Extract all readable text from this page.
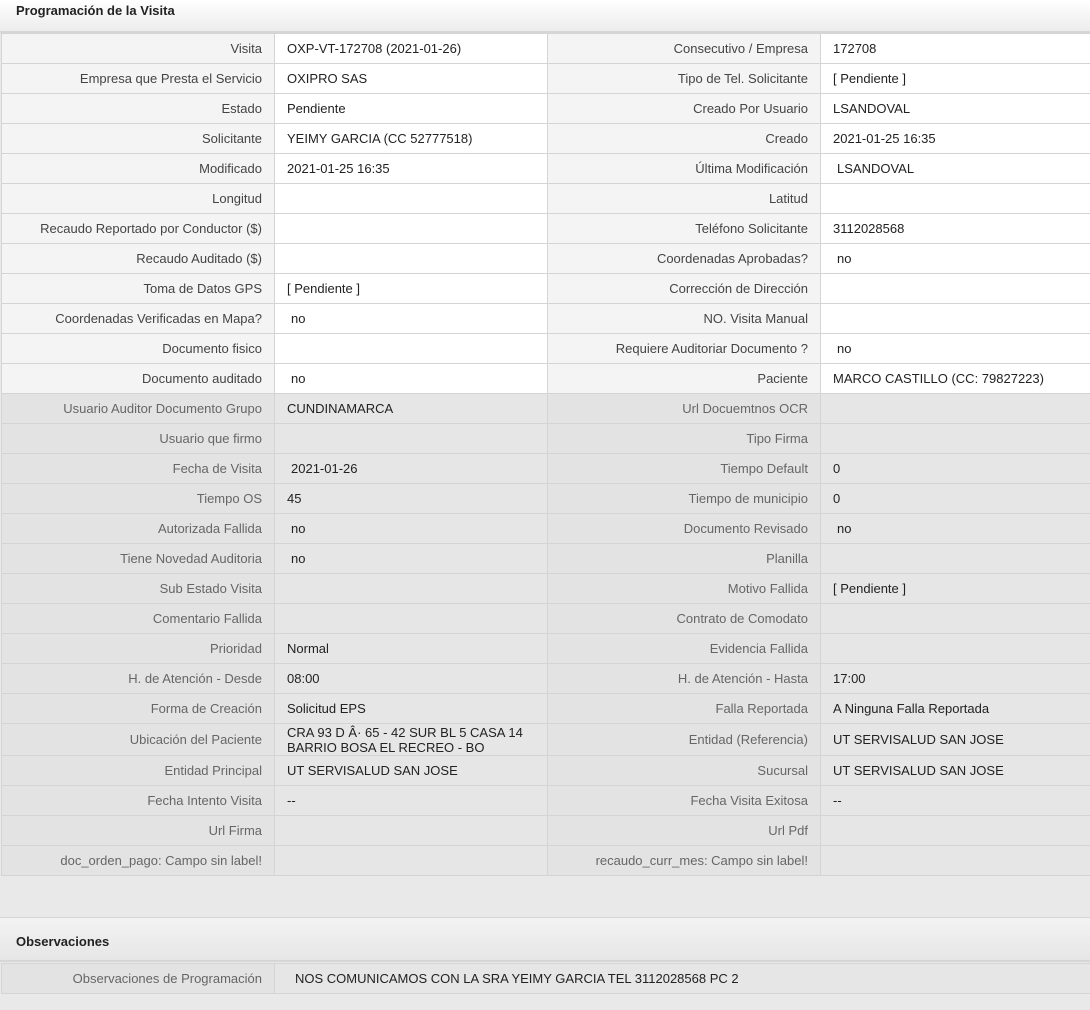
Programación de la Visita
Visita	OXP-VT-172708 (2021-01-26)	Consecutivo / Empresa	172708
Empresa que Presta el Servicio	OXIPRO SAS	Tipo de Tel. Solicitante	[ Pendiente ]
Estado	Pendiente	Creado Por Usuario	LSANDOVAL
Solicitante	YEIMY GARCIA (CC 52777518)	Creado	2021-01-25 16:35
Modificado	2021-01-25 16:35	Última Modificación	LSANDOVAL
Longitud		Latitud	
Recaudo Reportado por Conductor ($)		Teléfono Solicitante	3112028568
Recaudo Auditado ($)		Coordenadas Aprobadas?	no
Toma de Datos GPS	[ Pendiente ]	Corrección de Dirección	
Coordenadas Verificadas en Mapa?	no	NO. Visita Manual	
Documento fisico		Requiere Auditoriar Documento ?	no
Documento auditado	no	Paciente	MARCO CASTILLO (CC: 79827223)
Usuario Auditor Documento Grupo	CUNDINAMARCA	Url Docuemtnos OCR	
Usuario que firmo		Tipo Firma	
Fecha de Visita	2021-01-26	Tiempo Default	0
Tiempo OS	45	Tiempo de municipio	0
Autorizada Fallida	no	Documento Revisado	no
Tiene Novedad Auditoria	no	Planilla	
Sub Estado Visita		Motivo Fallida	[ Pendiente ]
Comentario Fallida		Contrato de Comodato	
Prioridad	Normal	Evidencia Fallida	
H. de Atención - Desde	08:00	H. de Atención - Hasta	17:00
Forma de Creación	Solicitud EPS	Falla Reportada	A Ninguna Falla Reportada
Ubicación del Paciente	CRA 93 D Â· 65 - 42 SUR BL 5 CASA 14 BARRIO BOSA EL RECREO - BO	Entidad (Referencia)	UT SERVISALUD SAN JOSE
Entidad Principal	UT SERVISALUD SAN JOSE	Sucursal	UT SERVISALUD SAN JOSE
Fecha Intento Visita	--	Fecha Visita Exitosa	--
Url Firma		Url Pdf	
doc_orden_pago: Campo sin label!		recaudo_curr_mes: Campo sin label!	
Observaciones
Observaciones de Programación	NOS COMUNICAMOS CON LA SRA YEIMY GARCIA TEL 3112028568 PC 2
